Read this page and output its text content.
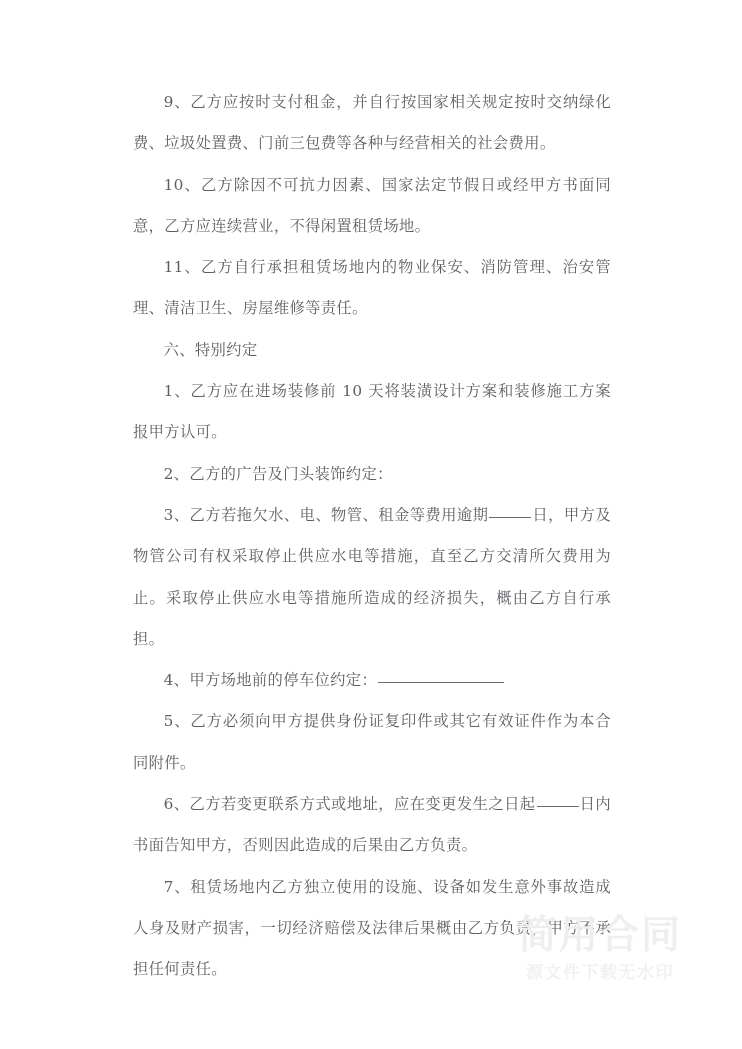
9、乙方应按时支付租金，并自行按国家相关规定按时交纳绿化费、垃圾处置费、门前三包费等各种与经营相关的社会费用。

10、乙方除因不可抗力因素、国家法定节假日或经甲方书面同意，乙方应连续营业，不得闲置租赁场地。

11、乙方自行承担租赁场地内的物业保安、消防管理、治安管理、清洁卫生、房屋维修等责任。

六、特别约定

1、乙方应在进场装修前 10 天将装潢设计方案和装修施工方案报甲方认可。

2、乙方的广告及门头装饰约定：

3、乙方若拖欠水、电、物管、租金等费用逾期	日，甲方及物管公司有权采取停止供应水电等措施，直至乙方交清所欠费用为止。采取停止供应水电等措施所造成的经济损失，概由乙方自行承担。

4、甲方场地前的停车位约定：

5、乙方必须向甲方提供身份证复印件或其它有效证件作为本合同附件。

6、乙方若变更联系方式或地址，应在变更发生之日起	日内书面告知甲方，否则因此造成的后果由乙方负责。

7、租赁场地内乙方独立使用的设施、设备如发生意外事故造成人身及财产损害，一切经济赔偿及法律后果概由乙方负责，甲方不承担任何责任。

简用合同
源文件下载无水印
